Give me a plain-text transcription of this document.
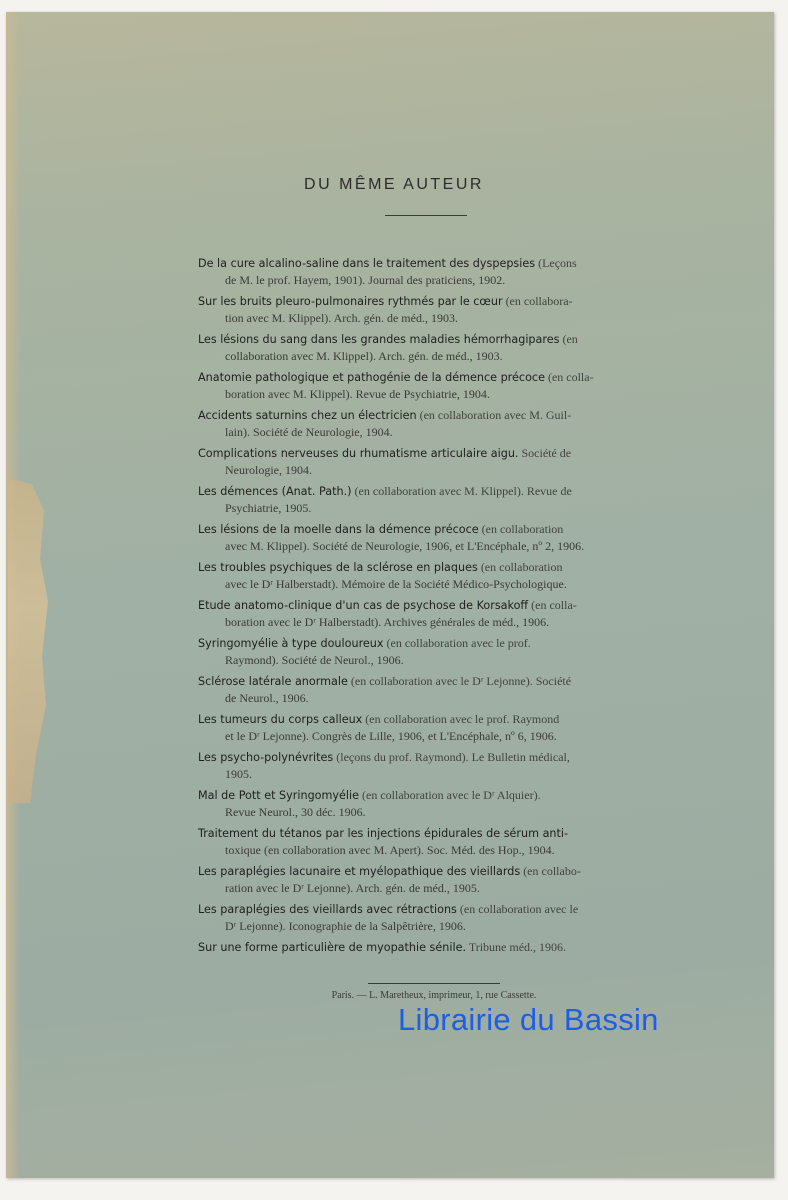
DU MÊME AUTEUR
De la cure alcalino-saline dans le traitement des dyspepsies (Leçons
de M. le prof. Hayem, 1901). Journal des praticiens, 1902.
Sur les bruits pleuro-pulmonaires rythmés par le cœur (en collabora-
tion avec M. Klippel). Arch. gén. de méd., 1903.
Les lésions du sang dans les grandes maladies hémorrhagipares (en
collaboration avec M. Klippel). Arch. gén. de méd., 1903.
Anatomie pathologique et pathogénie de la démence précoce (en colla-
boration avec M. Klippel). Revue de Psychiatrie, 1904.
Accidents saturnins chez un électricien (en collaboration avec M. Guil-
lain). Société de Neurologie, 1904.
Complications nerveuses du rhumatisme articulaire aigu. Société de
Neurologie, 1904.
Les démences (Anat. Path.) (en collaboration avec M. Klippel). Revue de
Psychiatrie, 1905.
Les lésions de la moelle dans la démence précoce (en collaboration
avec M. Klippel). Société de Neurologie, 1906, et L'Encéphale, nº 2, 1906.
Les troubles psychiques de la sclérose en plaques (en collaboration
avec le Dʳ Halberstadt). Mémoire de la Société Médico-Psychologique.
Etude anatomo-clinique d'un cas de psychose de Korsakoff (en colla-
boration avec le Dʳ Halberstadt). Archives générales de méd., 1906.
Syringomyélie à type douloureux (en collaboration avec le prof.
Raymond). Société de Neurol., 1906.
Sclérose latérale anormale (en collaboration avec le Dʳ Lejonne). Société
de Neurol., 1906.
Les tumeurs du corps calleux (en collaboration avec le prof. Raymond
et le Dʳ Lejonne). Congrès de Lille, 1906, et L'Encéphale, nº 6, 1906.
Les psycho-polynévrites (leçons du prof. Raymond). Le Bulletin médical,
1905.
Mal de Pott et Syringomyélie (en collaboration avec le Dʳ Alquier).
Revue Neurol., 30 déc. 1906.
Traitement du tétanos par les injections épidurales de sérum anti-
toxique (en collaboration avec M. Apert). Soc. Méd. des Hop., 1904.
Les paraplégies lacunaire et myélopathique des vieillards (en collabo-
ration avec le Dʳ Lejonne). Arch. gén. de méd., 1905.
Les paraplégies des vieillards avec rétractions (en collaboration avec le
Dʳ Lejonne). Iconographie de la Salpêtrière, 1906.
Sur une forme particulière de myopathie sénile. Tribune méd., 1906.
Paris. — L. Maretheux, imprimeur, 1, rue Cassette.
Librairie du Bassin
